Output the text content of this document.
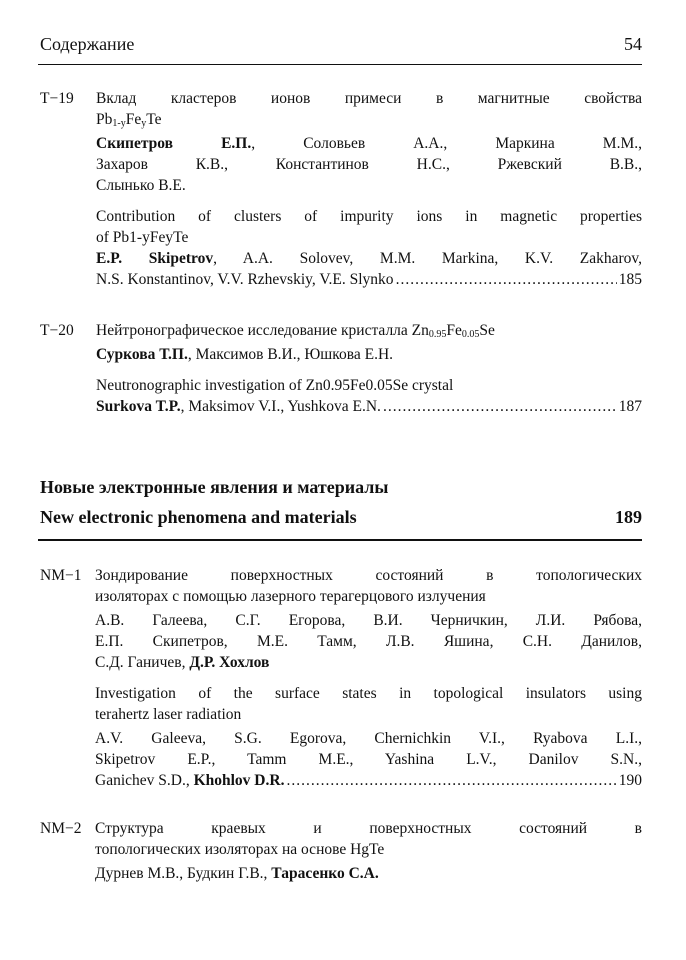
Содержание	54
T−19 Вклад кластеров ионов примеси в магнитные свойства
$Pb_{1-y}Fe_yTe$
Скипетров Е.П., Соловьев А.А., Маркина М.М.,
Захаров К.В., Константинов Н.С., Ржевский В.В.,
Слынько В.Е.
Contribution of clusters of impurity ions in magnetic properties
of Pb1-yFeyTe
E.P. Skipetrov, A.A. Solovev, M.M. Markina, K.V. Zakharov,
N.S. Konstantinov, V.V. Rzhevskiy, V.E. Slynko .....	185
T−20 Нейтронографическое исследование кристалла $Zn_{0.95}Fe_{0.05}Se$
Суркова Т.П., Максимов В.И., Юшкова Е.Н.
Neutronographic investigation of Zn0.95Fe0.05Se crystal
Surkova T.P., Maksimov V.I., Yushkova E.N. .....	187
Новые электронные явления и материалы
New electronic phenomena and materials	189
NM−1 Зондирование поверхностных состояний в топологических
изоляторах с помощью лазерного терагерцового излучения
А.В. Галеева, С.Г. Егорова, В.И. Черничкин, Л.И. Рябова,
Е.П. Скипетров, М.Е. Тамм, Л.В. Яшина, С.Н. Данилов,
С.Д. Ганичев, Д.Р. Хохлов
Investigation of the surface states in topological insulators using
terahertz laser radiation
A.V. Galeeva, S.G. Egorova, Chernichkin V.I., Ryabova L.I.,
Skipetrov E.P., Tamm M.E., Yashina L.V., Danilov S.N.,
Ganichev S.D., Khohlov D.R. .....	190
NM−2 Структура краевых и поверхностных состояний в
топологических изоляторах на основе HgTe
Дурнев М.В., Будкин Г.В., Тарасенко С.А.
